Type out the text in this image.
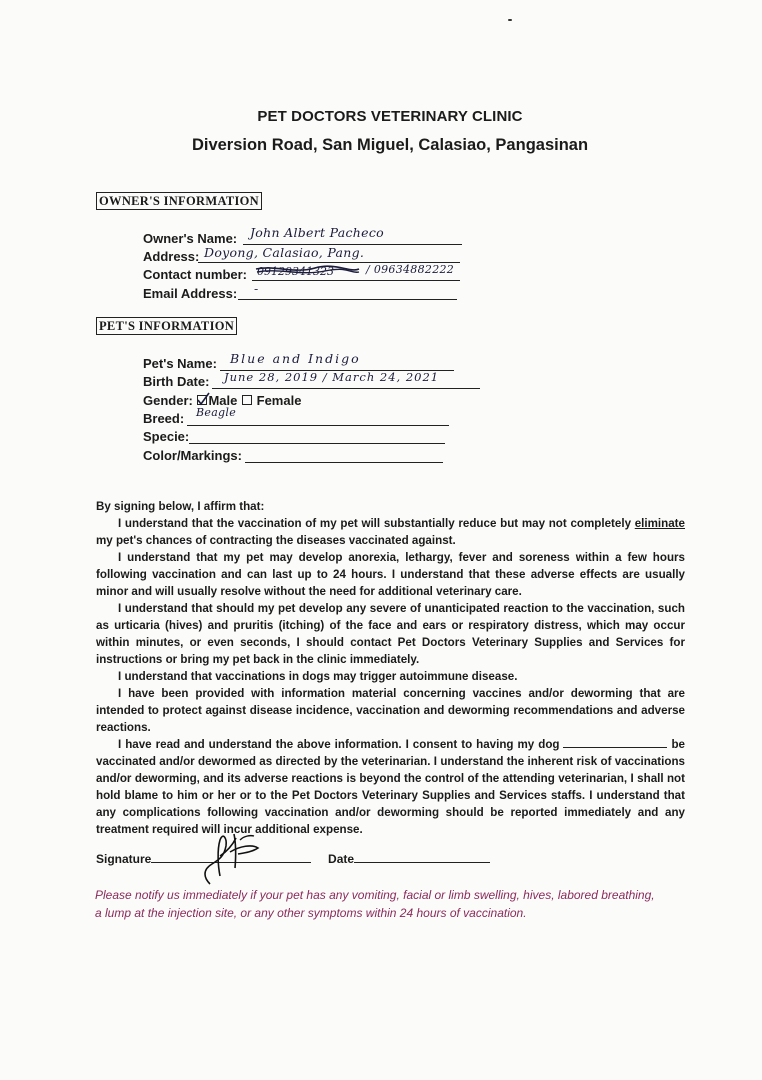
PET DOCTORS VETERINARY CLINIC
Diversion Road, San Miguel, Calasiao, Pangasinan
OWNER'S INFORMATION
Owner's Name: John Albert Pacheco
Address: Doyong, Calasiao, Pang.
Contact number: 09129341323	/ 09634882222
Email Address: -
PET'S INFORMATION
Pet's Name: Blue and Indigo
Birth Date: June 28, 2019 / March 24, 2021
Gender: Male Female
Breed: Beagle
Specie:
Color/Markings:

By signing below, I affirm that:

I understand that the vaccination of my pet will substantially reduce but may not completely eliminate my pet's chances of contracting the diseases vaccinated against.

I understand that my pet may develop anorexia, lethargy, fever and soreness within a few hours following vaccination and can last up to 24 hours. I understand that these adverse effects are usually minor and will usually resolve without the need for additional veterinary care.

I understand that should my pet develop any severe of unanticipated reaction to the vaccination, such as urticaria (hives) and pruritis (itching) of the face and ears or respiratory distress, which may occur within minutes, or even seconds, I should contact Pet Doctors Veterinary Supplies and Services for instructions or bring my pet back in the clinic immediately.

I understand that vaccinations in dogs may trigger autoimmune disease.

I have been provided with information material concerning vaccines and/or deworming that are intended to protect against disease incidence, vaccination and deworming recommendations and adverse reactions.

I have read and understand the above information. I consent to having my dog	be vaccinated and/or dewormed as directed by the veterinarian. I understand the inherent risk of vaccinations and/or deworming, and its adverse reactions is beyond the control of the attending veterinarian, I shall not hold blame to him or her or to the Pet Doctors Veterinary Supplies and Services staffs. I understand that any complications following vaccination and/or deworming should be reported immediately and any treatment required will incur additional expense.

Signature	Date
Please notify us immediately if your pet has any vomiting, facial or limb swelling, hives, labored breathing, a lump at the injection site, or any other symptoms within 24 hours of vaccination.
